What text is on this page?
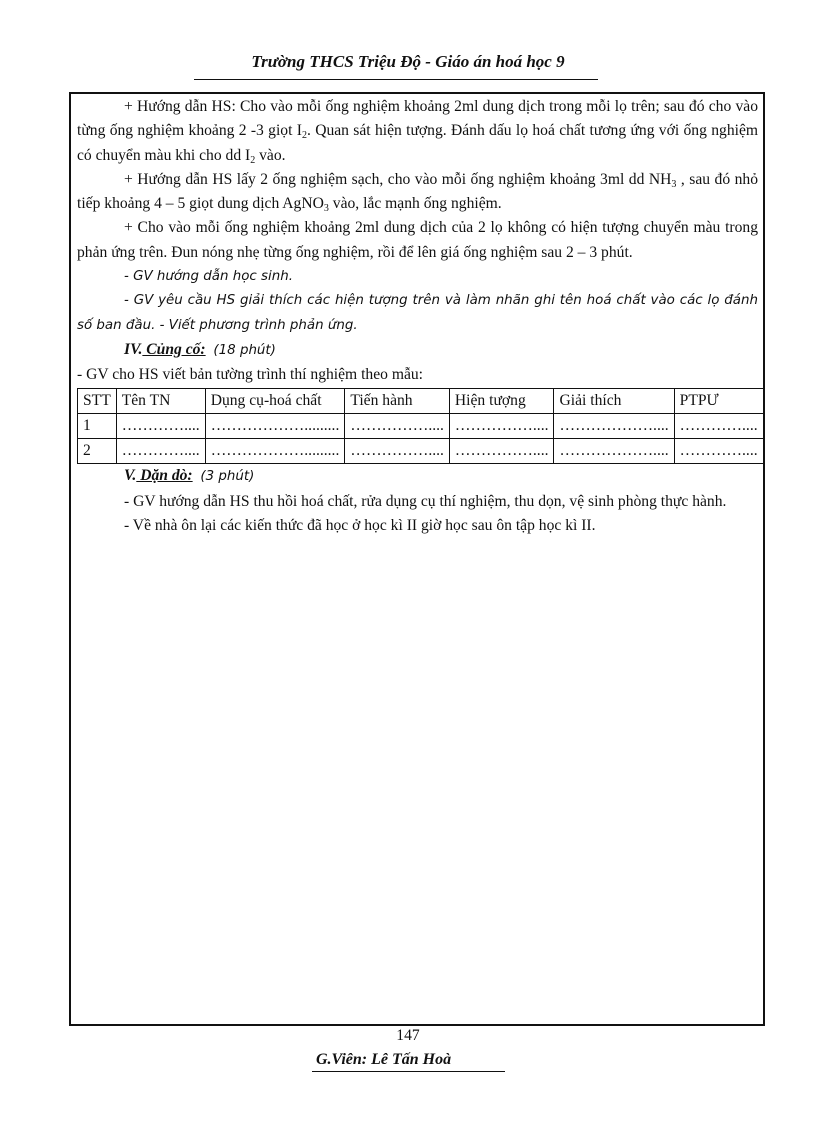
Trường THCS Triệu Độ - Giáo án hoá học 9

+ Hướng dẫn HS: Cho vào mỗi ống nghiệm khoảng 2ml dung dịch trong mỗi lọ trên; sau đó cho vào từng ống nghiệm khoảng 2 -3 giọt $I_2$. Quan sát hiện tượng. Đánh dấu lọ hoá chất tương ứng với ống nghiệm có chuyển màu khi cho dd $I_2$ vào.

+ Hướng dẫn HS lấy 2 ống nghiệm sạch, cho vào mỗi ống nghiệm khoảng 3ml dd $NH_3$ , sau đó nhỏ tiếp khoảng 4 – 5 giọt dung dịch AgNO$_3$ vào, lắc mạnh ống nghiệm.

+ Cho vào mỗi ống nghiệm khoảng 2ml dung dịch của 2 lọ không có hiện tượng chuyển màu trong phản ứng trên. Đun nóng nhẹ từng ống nghiệm, rồi để lên giá ống nghiệm sau 2 – 3 phút.

- GV hướng dẫn học sinh.

- GV yêu cầu HS giải thích các hiện tượng trên và làm nhãn ghi tên hoá chất vào các lọ đánh số ban đầu. - Viết phương trình phản ứng.

IV. Củng cố: (18 phút)

- GV cho HS viết bản tường trình thí nghiệm theo mẫu:

STT	Tên TN	Dụng cụ-hoá chất	Tiến hành	Hiện tượng	Giải thích	PTPƯ
1	…………....	……………….........	……………....	……………....	………………....	…………....
2	…………....	……………….........	……………....	……………....	………………....	…………....

V. Dặn dò: (3 phút)

- GV hướng dẫn HS thu hồi hoá chất, rửa dụng cụ thí nghiệm, thu dọn, vệ sinh phòng thực hành.

- Về nhà ôn lại các kiến thức đã học ở học kì II giờ học sau ôn tập học kì II.

147
G.Viên: Lê Tấn Hoà
